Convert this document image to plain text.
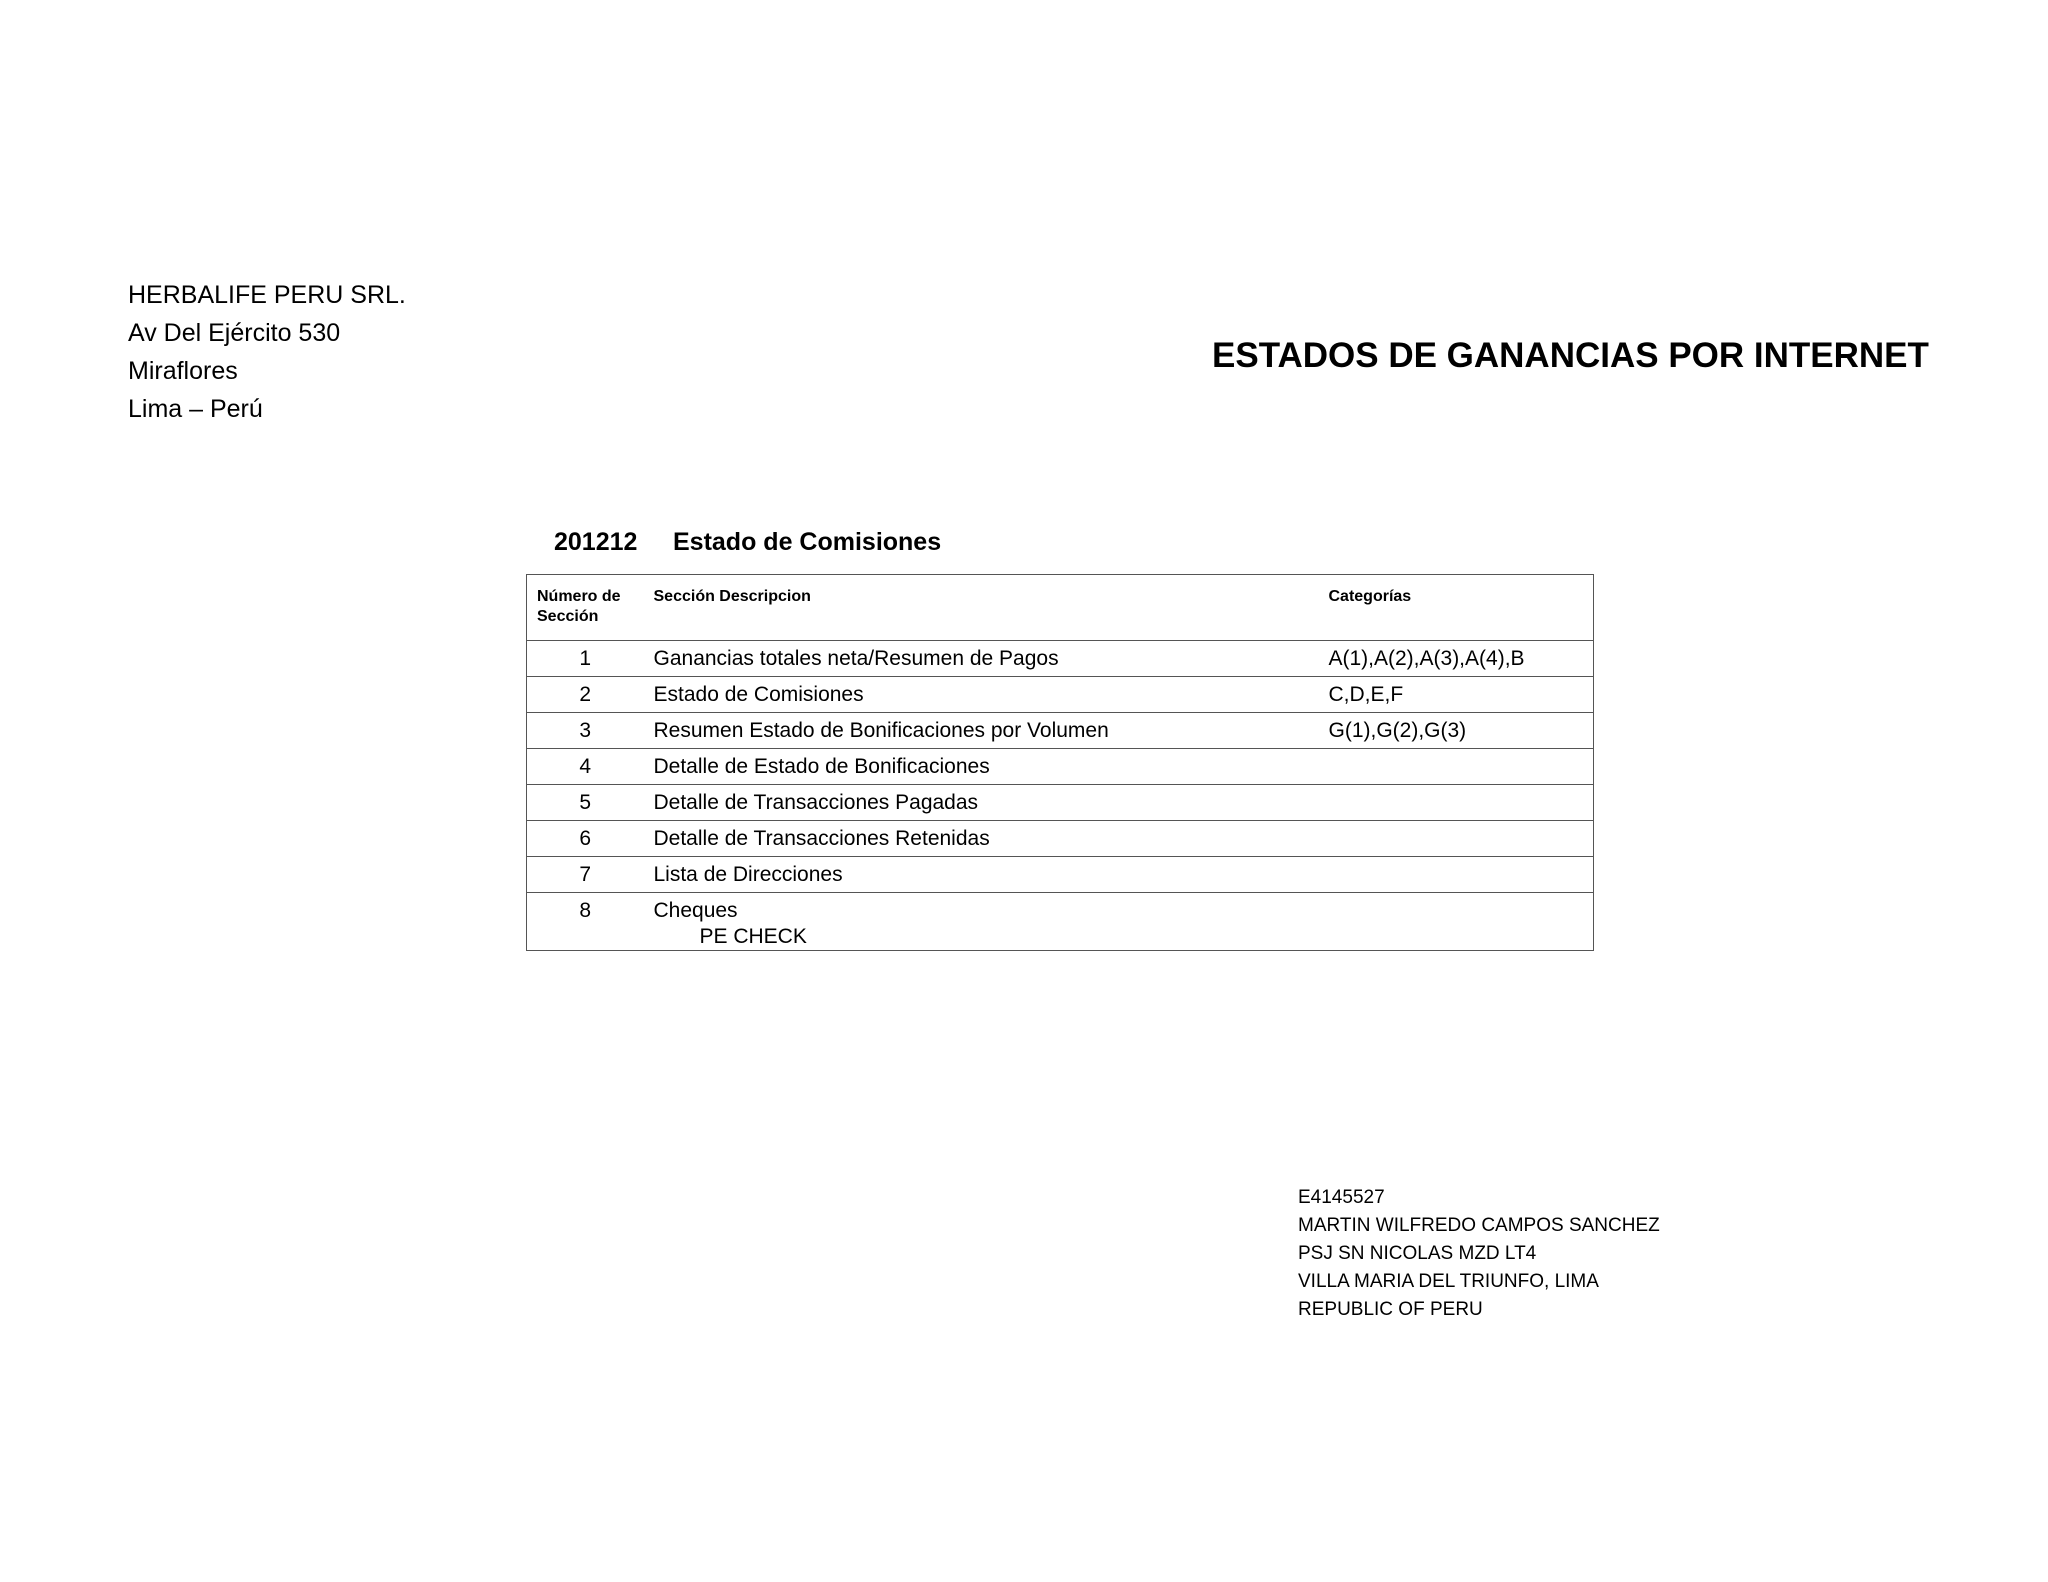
HERBALIFE PERU SRL.
Av Del Ejército 530
Miraflores
Lima – Perú
ESTADOS DE GANANCIAS POR INTERNET
201212 Estado de Comisiones
Número de Sección	Sección Descripcion	Categorías
1	Ganancias totales neta/Resumen de Pagos	A(1),A(2),A(3),A(4),B
2	Estado de Comisiones	C,D,E,F
3	Resumen Estado de Bonificaciones por Volumen	G(1),G(2),G(3)
4	Detalle de Estado de Bonificaciones	
5	Detalle de Transacciones Pagadas	
6	Detalle de Transacciones Retenidas	
7	Lista de Direcciones	
8	Cheques
PE CHECK	

E4145527
MARTIN WILFREDO CAMPOS SANCHEZ
PSJ SN NICOLAS MZD LT4
VILLA MARIA DEL TRIUNFO, LIMA
REPUBLIC OF PERU
